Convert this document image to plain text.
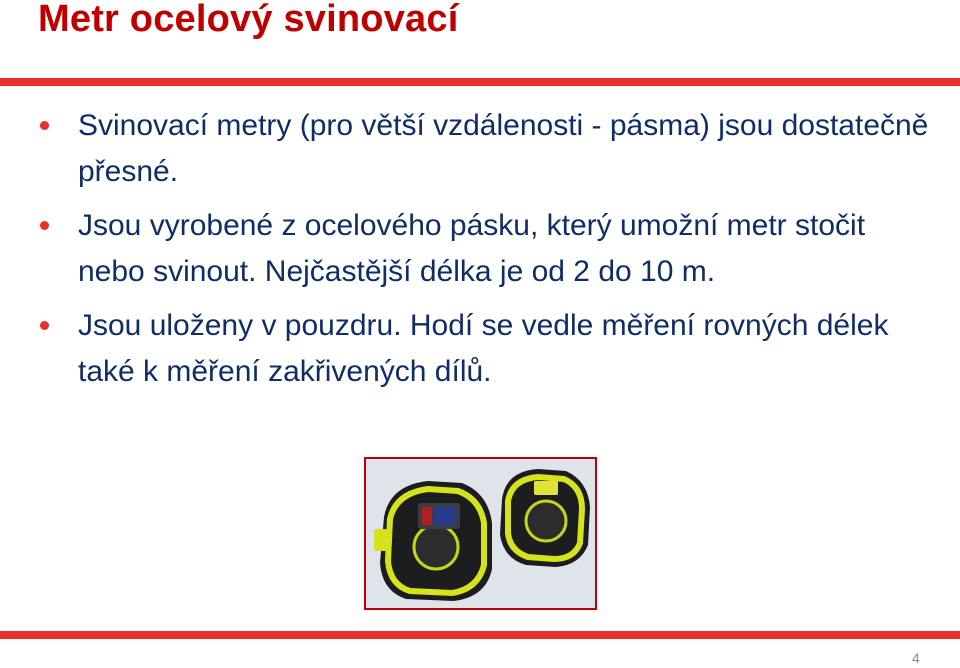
Metr ocelový svinovací
Svinovací metry (pro větší vzdálenosti - pásma) jsou dostatečně přesné.
Jsou vyrobené z ocelového pásku, který umožní metr stočit nebo svinout. Nejčastější délka je od 2 do 10 m.
Jsou uloženy v pouzdru. Hodí se vedle měření rovných délek také k měření zakřivených dílů.
4
